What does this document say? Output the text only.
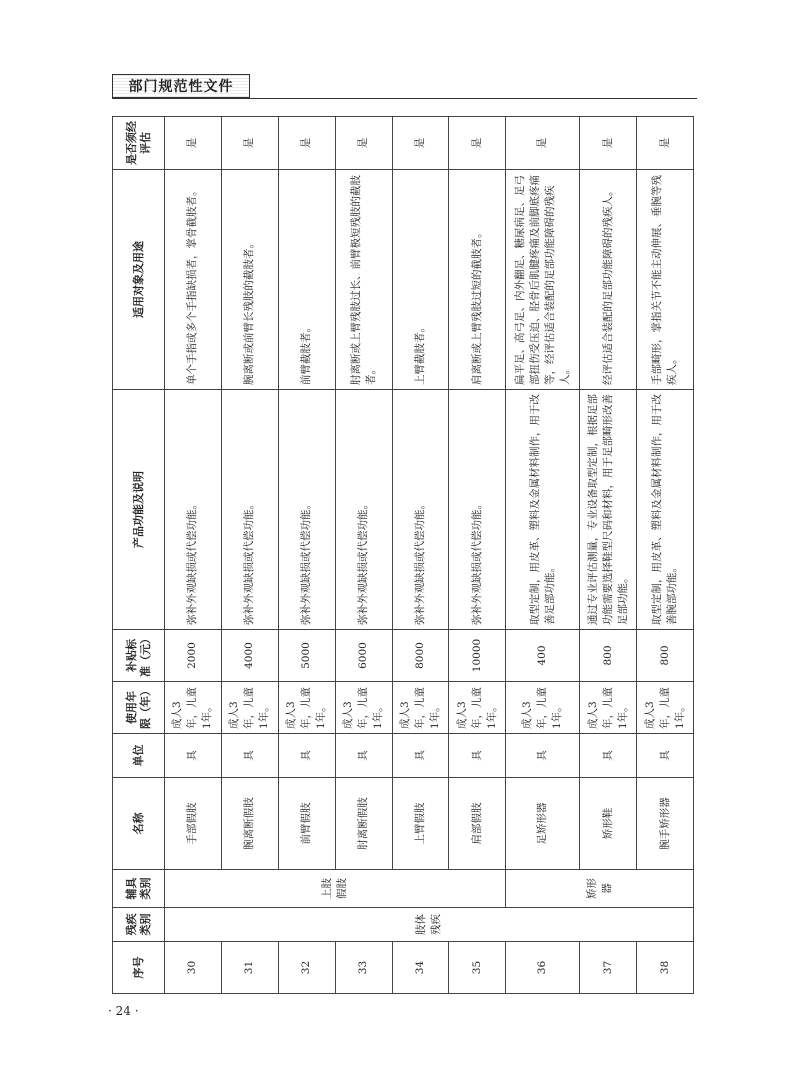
部门规范性文件
序号	残疾类别	辅具类别	名称	单位	使用年限（年）	补贴标准（元）	产品功能及说明	适用对象及用途	是否须经评估
30	肢体残疾	上肢假肢	手部假肢	具	成人3年，儿童1年。	2000	弥补外观缺损或代偿功能。	单个手指或多个手指缺损者，掌骨截肢者。	是
31			腕离断假肢	具	成人3年，儿童1年。	4000	弥补外观缺损或代偿功能。	腕离断或前臂长残肢的截肢者。	是
32			前臂假肢	具	成人3年，儿童1年。	5000	弥补外观缺损或代偿功能。	前臂截肢者。	是
33			肘离断假肢	具	成人3年，儿童1年。	6000	弥补外观缺损或代偿功能。	肘离断或上臂残肢过长、前臂极短残肢的截肢者。	是
34			上臂假肢	具	成人3年，儿童1年。	8000	弥补外观缺损或代偿功能。	上臂截肢者。	是
35			肩部假肢	具	成人3年，儿童1年。	10000	弥补外观缺损或代偿功能。	肩离断或上臂残肢过短的截肢者。	是
36		矫形器	足矫形器	具	成人3年，儿童1年。	400	取型定制，用皮革、塑料及金属材料制作，用于改善足部功能。	扁平足、高弓足、内外翻足、糖尿病足、足弓部扭伤受压迫、胫骨后肌腱疼痛及前脚底疼痛等，经评估适合装配的足部功能障碍的残疾人。	是
37			矫形鞋	具	成人3年，儿童1年。	800	通过专业评估测量，专业设备取型定制，根据足部功能需要选择鞋型尺码和材料，用于足部畸形改善足部功能。	经评估适合装配的足部功能障碍的残疾人。	是
38			腕手矫形器	具	成人3年，儿童1年。	800	取型定制，用皮革、塑料及金属材料制作，用于改善腕部功能。	手部畸形，掌指关节不能主动伸展、垂腕等残疾人。	是
· 24 ·
